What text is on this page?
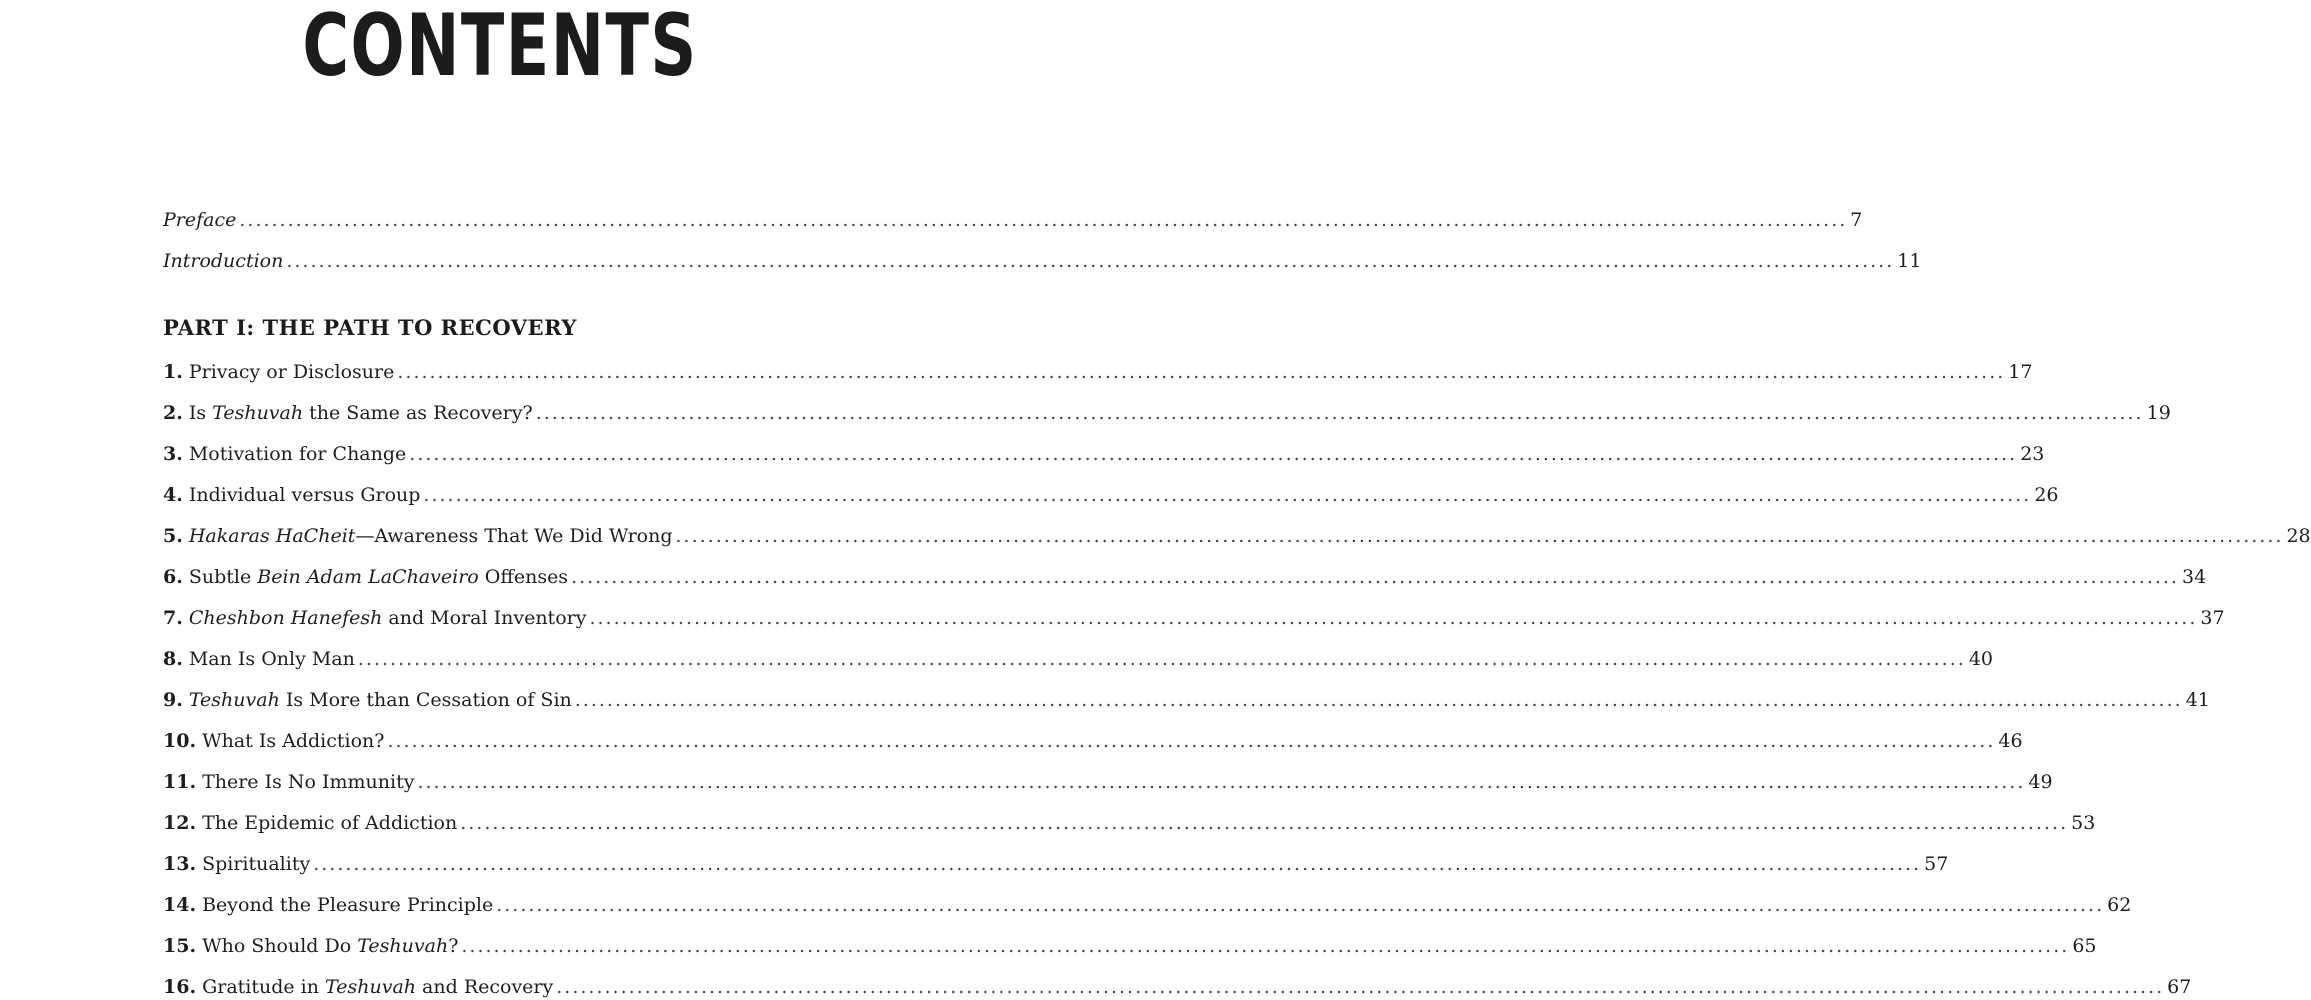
CONTENTS
Preface ........................................................................................................................................................................................................ 7
Introduction ........................................................................................................................................................................................................ 11
PART I: THE PATH TO RECOVERY
1. Privacy or Disclosure ........................................................................................................................................................................................................ 17
2. Is Teshuvah the Same as Recovery? ........................................................................................................................................................................................................ 19
3. Motivation for Change ........................................................................................................................................................................................................ 23
4. Individual versus Group ........................................................................................................................................................................................................ 26
5. Hakaras HaCheit—Awareness That We Did Wrong ........................................................................................................................................................................................................ 28
6. Subtle Bein Adam LaChaveiro Offenses ........................................................................................................................................................................................................ 34
7. Cheshbon Hanefesh and Moral Inventory ........................................................................................................................................................................................................ 37
8. Man Is Only Man ........................................................................................................................................................................................................ 40
9. Teshuvah Is More than Cessation of Sin ........................................................................................................................................................................................................ 41
10. What Is Addiction? ........................................................................................................................................................................................................ 46
11. There Is No Immunity ........................................................................................................................................................................................................ 49
12. The Epidemic of Addiction ........................................................................................................................................................................................................ 53
13. Spirituality ........................................................................................................................................................................................................ 57
14. Beyond the Pleasure Principle ........................................................................................................................................................................................................ 62
15. Who Should Do Teshuvah? ........................................................................................................................................................................................................ 65
16. Gratitude in Teshuvah and Recovery ........................................................................................................................................................................................................ 67
